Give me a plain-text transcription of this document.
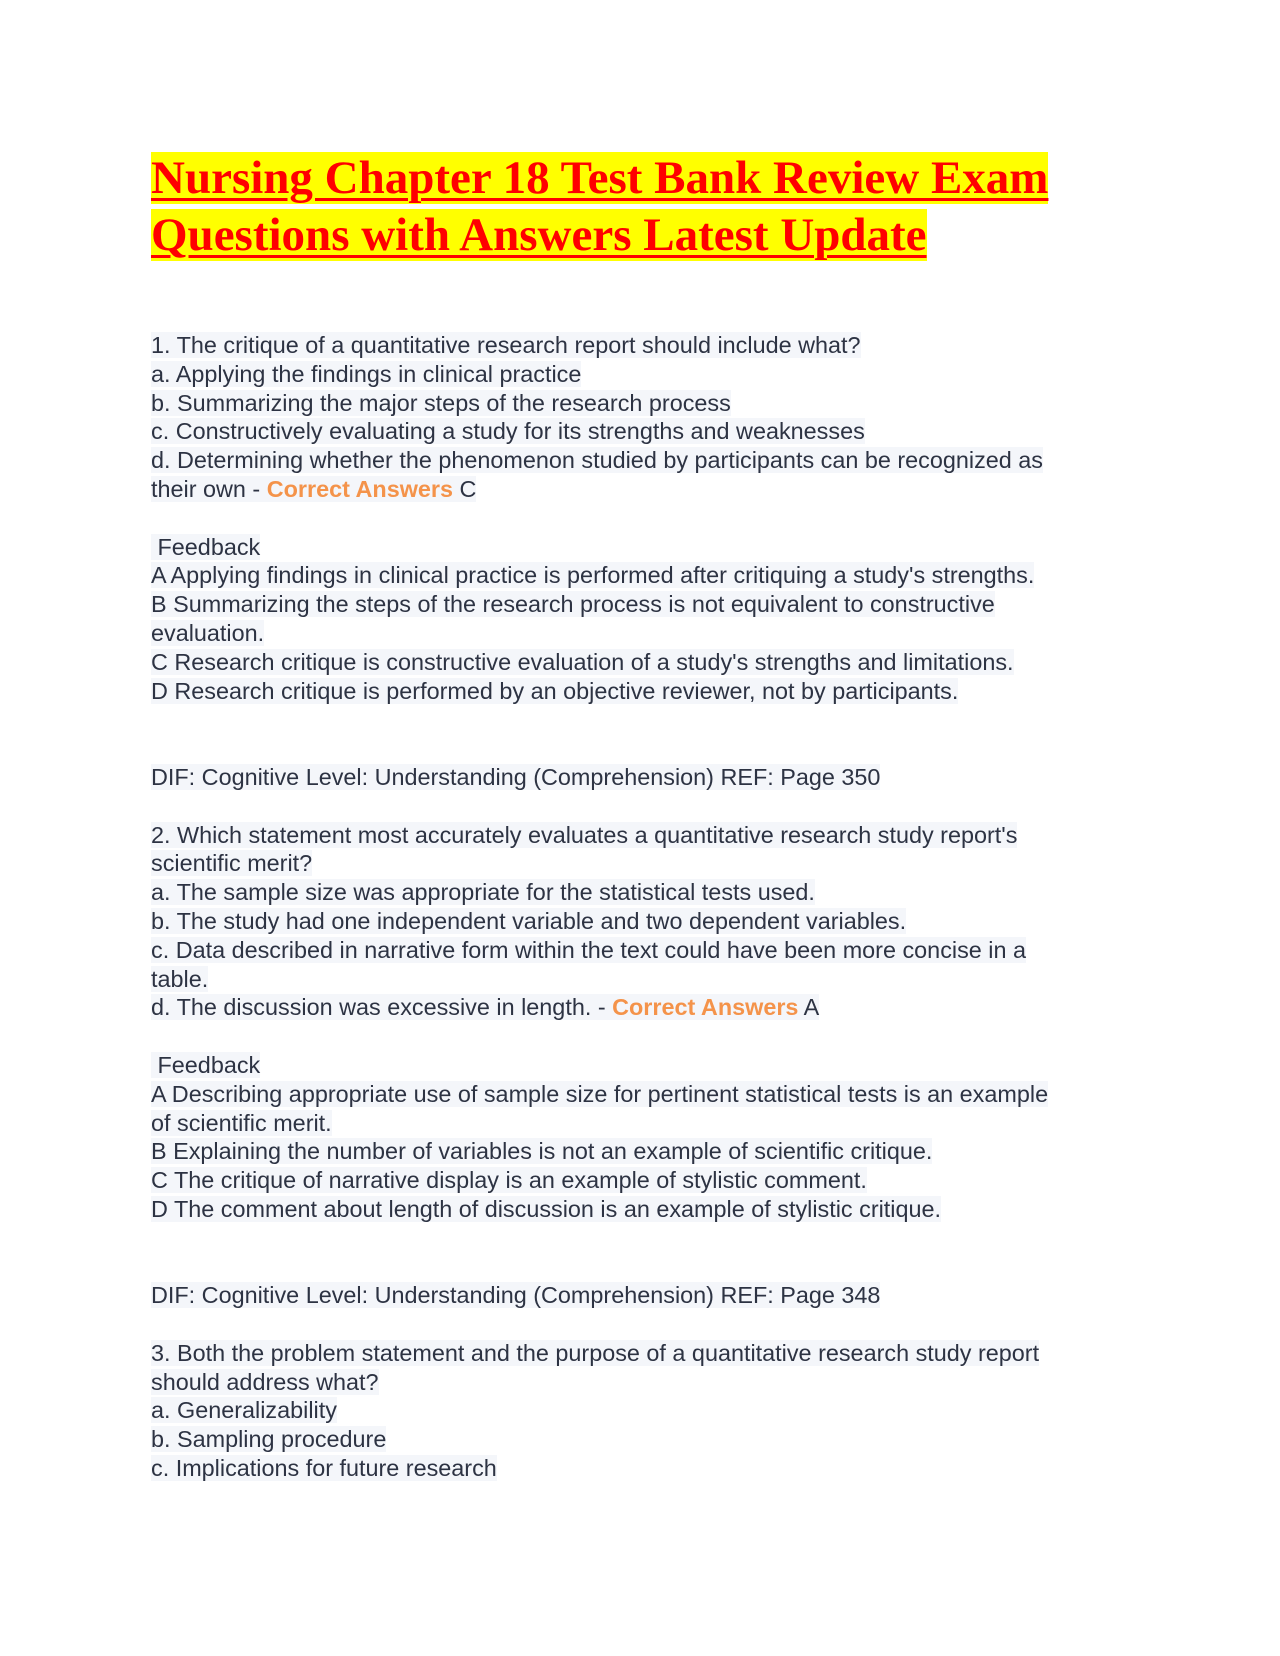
Nursing Chapter 18 Test Bank Review Exam
Questions with Answers Latest Update
1. The critique of a quantitative research report should include what?
a. Applying the findings in clinical practice
b. Summarizing the major steps of the research process
c. Constructively evaluating a study for its strengths and weaknesses
d. Determining whether the phenomenon studied by participants can be recognized as
their own - Correct Answers C
Feedback
A Applying findings in clinical practice is performed after critiquing a study's strengths.
B Summarizing the steps of the research process is not equivalent to constructive
evaluation.
C Research critique is constructive evaluation of a study's strengths and limitations.
D Research critique is performed by an objective reviewer, not by participants.
DIF: Cognitive Level: Understanding (Comprehension) REF: Page 350
2. Which statement most accurately evaluates a quantitative research study report's
scientific merit?
a. The sample size was appropriate for the statistical tests used.
b. The study had one independent variable and two dependent variables.
c. Data described in narrative form within the text could have been more concise in a
table.
d. The discussion was excessive in length. - Correct Answers A
Feedback
A Describing appropriate use of sample size for pertinent statistical tests is an example
of scientific merit.
B Explaining the number of variables is not an example of scientific critique.
C The critique of narrative display is an example of stylistic comment.
D The comment about length of discussion is an example of stylistic critique.
DIF: Cognitive Level: Understanding (Comprehension) REF: Page 348
3. Both the problem statement and the purpose of a quantitative research study report
should address what?
a. Generalizability
b. Sampling procedure
c. Implications for future research
